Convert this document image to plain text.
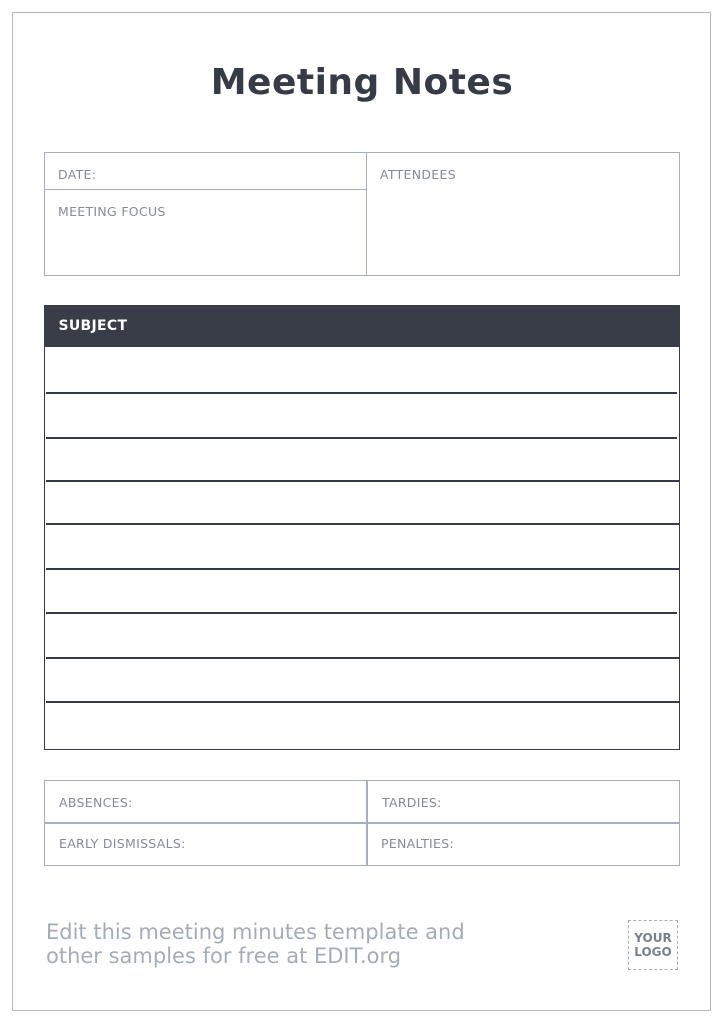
Meeting Notes
DATE:
MEETING FOCUS
ATTENDEES
SUBJECT
ABSENCES:	TARDIES:
EARLY DISMISSALS:	PENALTIES:
Edit this meeting minutes template and
other samples for free at EDIT.org
YOUR
LOGO
